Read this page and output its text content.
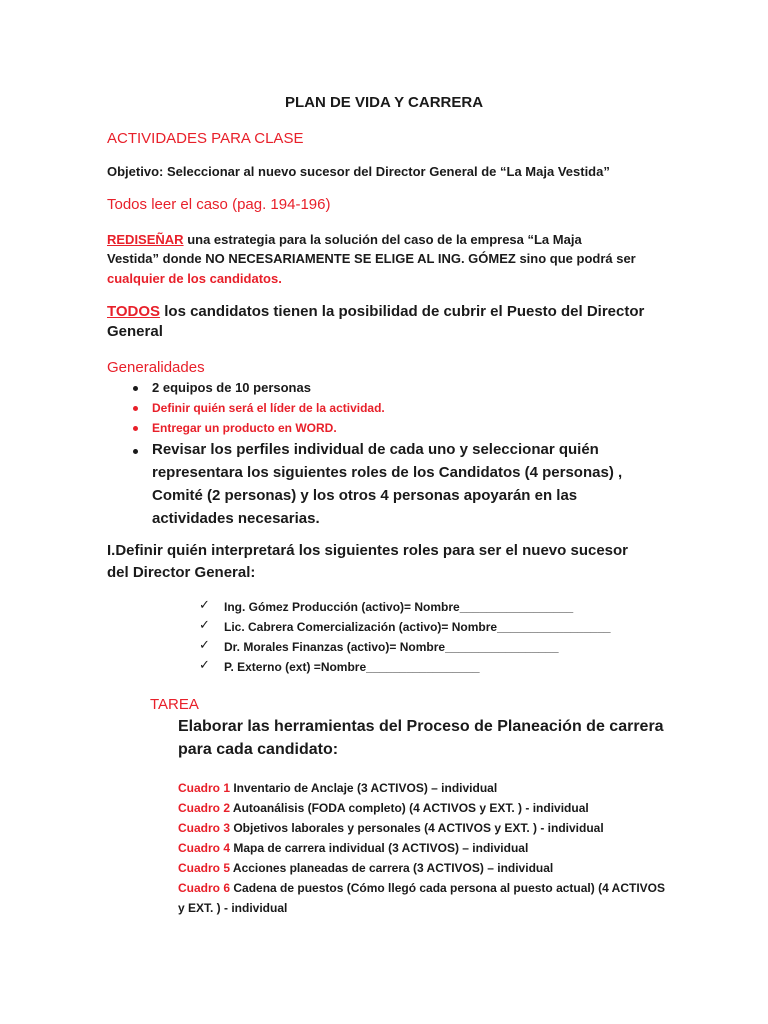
PLAN DE VIDA Y CARRERA
ACTIVIDADES PARA CLASE
Objetivo: Seleccionar al nuevo sucesor del Director General de “La Maja Vestida”
Todos leer el caso (pag. 194-196)
REDISEÑAR una estrategia para la solución del caso de la empresa “La Maja
Vestida” donde NO NECESARIAMENTE SE ELIGE AL ING. GÓMEZ sino que podrá ser
cualquier de los candidatos.
TODOS los candidatos tienen la posibilidad de cubrir el Puesto del Director
General
Generalidades
2 equipos de 10 personas
Definir quién será el líder de la actividad.
Entregar un producto en WORD.
Revisar los perfiles individual de cada uno y seleccionar quién
representara los siguientes roles de los Candidatos (4 personas) ,
Comité (2 personas) y los otros 4 personas apoyarán en las
actividades necesarias.
I.Definir quién interpretará los siguientes roles para ser el nuevo sucesor
del Director General:
✓ Ing. Gómez Producción (activo)= Nombre_________________
✓ Lic. Cabrera Comercialización (activo)= Nombre_________________
✓ Dr. Morales Finanzas (activo)= Nombre_________________
✓ P. Externo (ext) =Nombre_________________
TAREA
Elaborar las herramientas del Proceso de Planeación de carrera
para cada candidato:
Cuadro 1 Inventario de Anclaje (3 ACTIVOS) – individual
Cuadro 2 Autoanálisis (FODA completo) (4 ACTIVOS y EXT. ) - individual
Cuadro 3 Objetivos laborales y personales (4 ACTIVOS y EXT. ) - individual
Cuadro 4 Mapa de carrera individual (3 ACTIVOS) – individual
Cuadro 5 Acciones planeadas de carrera (3 ACTIVOS) – individual
Cuadro 6 Cadena de puestos (Cómo llegó cada persona al puesto actual) (4 ACTIVOS
y EXT. ) - individual
